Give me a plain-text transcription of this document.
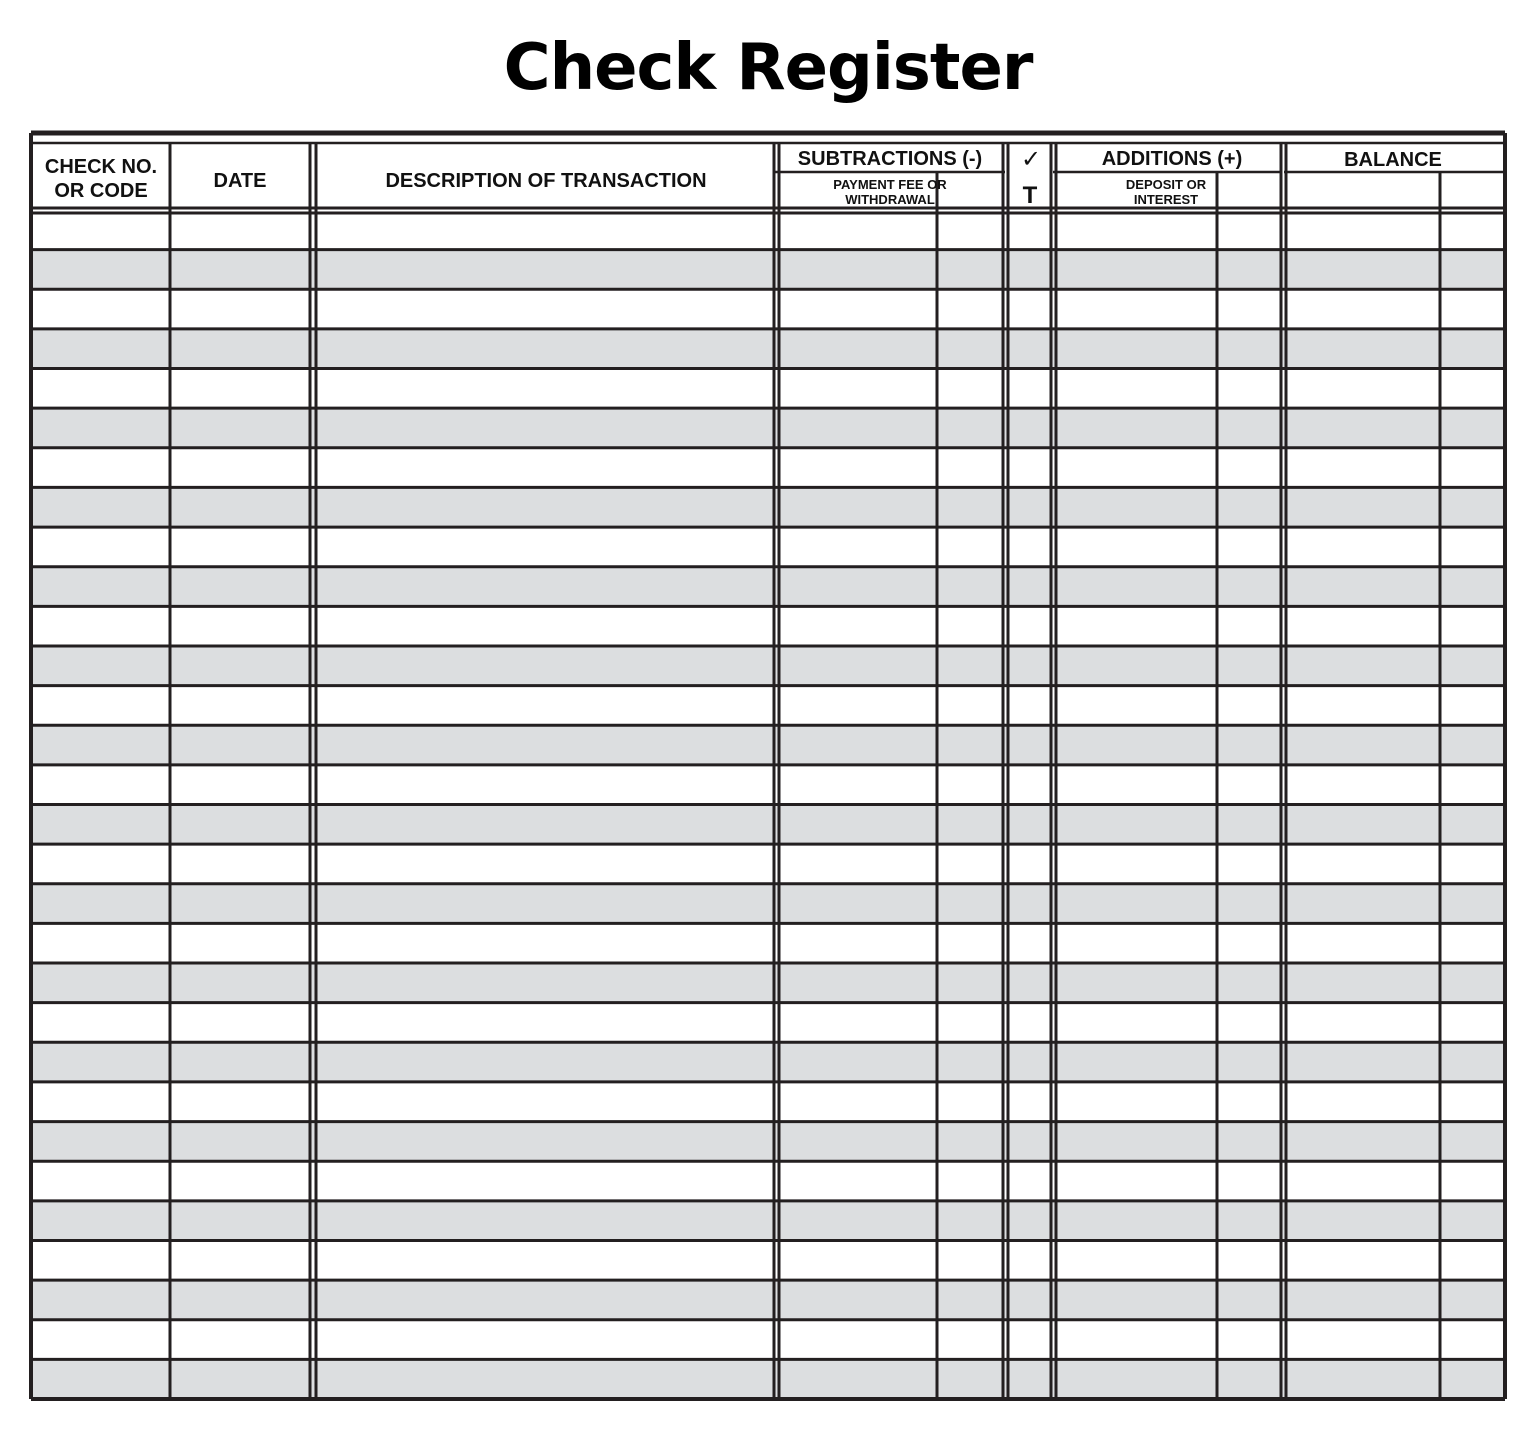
Check Register
CHECK NO.
OR CODE	DATE	DESCRIPTION OF TRANSACTION
SUBTRACTIONS (-)
PAYMENT FEE OR
WITHDRAWAL
✓
T
ADDITIONS (+)
DEPOSIT OR
INTEREST
BALANCE
